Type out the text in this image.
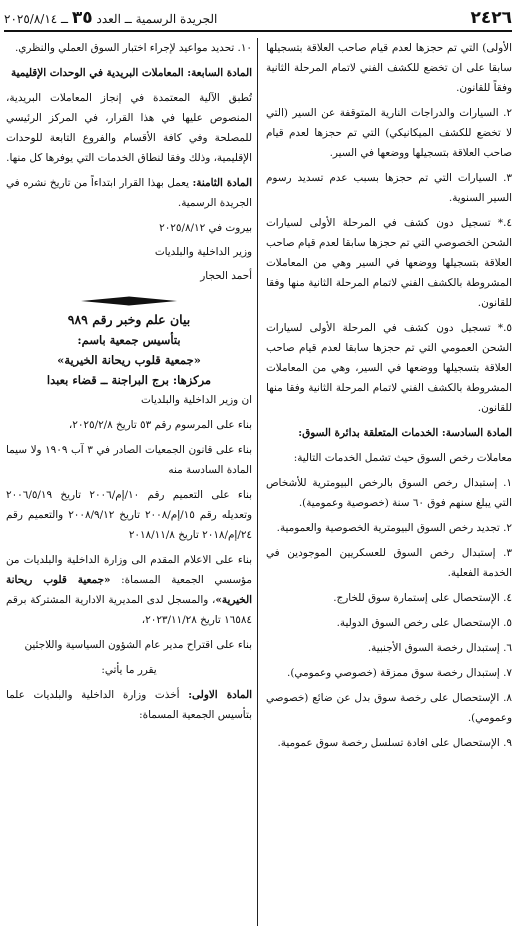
٢٤٢٦
الجريدة الرسمية ــ العدد ٣٥ ــ ٢٠٢٥/٨/١٤

الأولى) التي تم حجزها لعدم قيام صاحب العلاقة بتسجيلها سابقا على ان تخضع للكشف الفني لاتمام المرحلة الثانية وفقاً للقانون.

٢. السيارات والدراجات النارية المتوقفة عن السير (التي لا تخضع للكشف الميكانيكي) التي تم حجزها لعدم قيام صاحب العلاقة بتسجيلها ووضعها في السير.

٣. السيارات التي تم حجزها بسبب عدم تسديد رسوم السير السنوية.

٤.* تسجيل دون كشف في المرحلة الأولى لسيارات الشحن الخصوصي التي تم حجزها سابقا لعدم قيام صاحب العلاقة بتسجيلها ووضعها في السير وهي من المعاملات المشروطة بالكشف الفني لاتمام المرحلة الثانية منها وفقا للقانون.

٥.* تسجيل دون كشف في المرحلة الأولى لسيارات الشحن العمومي التي تم حجزها سابقا لعدم قيام صاحب العلاقة بتسجيلها ووضعها في السير، وهي من المعاملات المشروطة بالكشف الفني لاتمام المرحلة الثانية وفقا منها للقانون.

المادة السادسة: الخدمات المتعلقة بدائرة السوق:

معاملات رخص السوق حيث تشمل الخدمات التالية:

١. إستبدال رخص السوق بالرخص البيومترية للأشخاص التي يبلغ سنهم فوق ٦٠ سنة (خصوصية وعمومية).

٢. تجديد رخص السوق البيومترية الخصوصية والعمومية.

٣. إستبدال رخص السوق للعسكريين الموجودين في الخدمة الفعلية.

٤. الإستحصال على إستمارة سوق للخارج.

٥. الإستحصال على رخص السوق الدولية.

٦. إستبدال رخصة السوق الأجنبية.

٧. إستبدال رخصة سوق ممزقة (خصوصي وعمومي).

٨. الإستحصال على رخصة سوق بدل عن ضائع (خصوصي وعمومي).

٩. الإستحصال على افادة تسلسل رخصة سوق عمومية.

١٠. تحديد مواعيد لإجراء اختبار السوق العملي والنظري.

المادة السابعة: المعاملات البريدية في الوحدات الإقليمية

تُطبق الآلية المعتمدة في إنجاز المعاملات البريدية، المنصوص عليها في هذا القرار، في المركز الرئيسي للمصلحة وفي كافة الأقسام والفروع التابعة للوحدات الإقليمية، وذلك وفقا لنطاق الخدمات التي يوفرها كل منها.

المادة الثامنة: يعمل بهذا القرار ابتداءاً من تاريخ نشره في الجريدة الرسمية.

بيروت في ٢٠٢٥/٨/١٢

وزير الداخلية والبلديات

أحمد الحجار

بيان علم وخبر رقم ٩٨٩

بتأسيس جمعية باسم:

«جمعية قلوب ريحانة الخيرية»

مركزها: برج البراجنة ــ قضاء بعبدا

ان وزير الداخلية والبلديات

بناء على المرسوم رقم ٥٣ تاريخ ٢٠٢٥/٢/٨،

بناء على قانون الجمعيات الصادر في ٣ آب ١٩٠٩ ولا سيما المادة السادسة منه

بناء على التعميم رقم ١٠/إم/٢٠٠٦ تاريخ ٢٠٠٦/٥/١٩ وتعديله رقم ١٥/إم/٢٠٠٨ تاريخ ٢٠٠٨/٩/١٢ والتعميم رقم ٢٤/إم/٢٠١٨ تاريخ ٢٠١٨/١١/٨

بناء على الاعلام المقدم الى وزارة الداخلية والبلديات من مؤسسي الجمعية المسماة: «جمعية قلوب ريحانة الخيرية»، والمسجل لدى المديرية الادارية المشتركة برقم ١٦٥٨٤ تاريخ ٢٠٢٣/١١/٢٨،

بناء على اقتراح مدير عام الشؤون السياسية واللاجئين

يقرر ما يأتي:

المادة الاولى: أخذت وزارة الداخلية والبلديات علما بتأسيس الجمعية المسماة:
